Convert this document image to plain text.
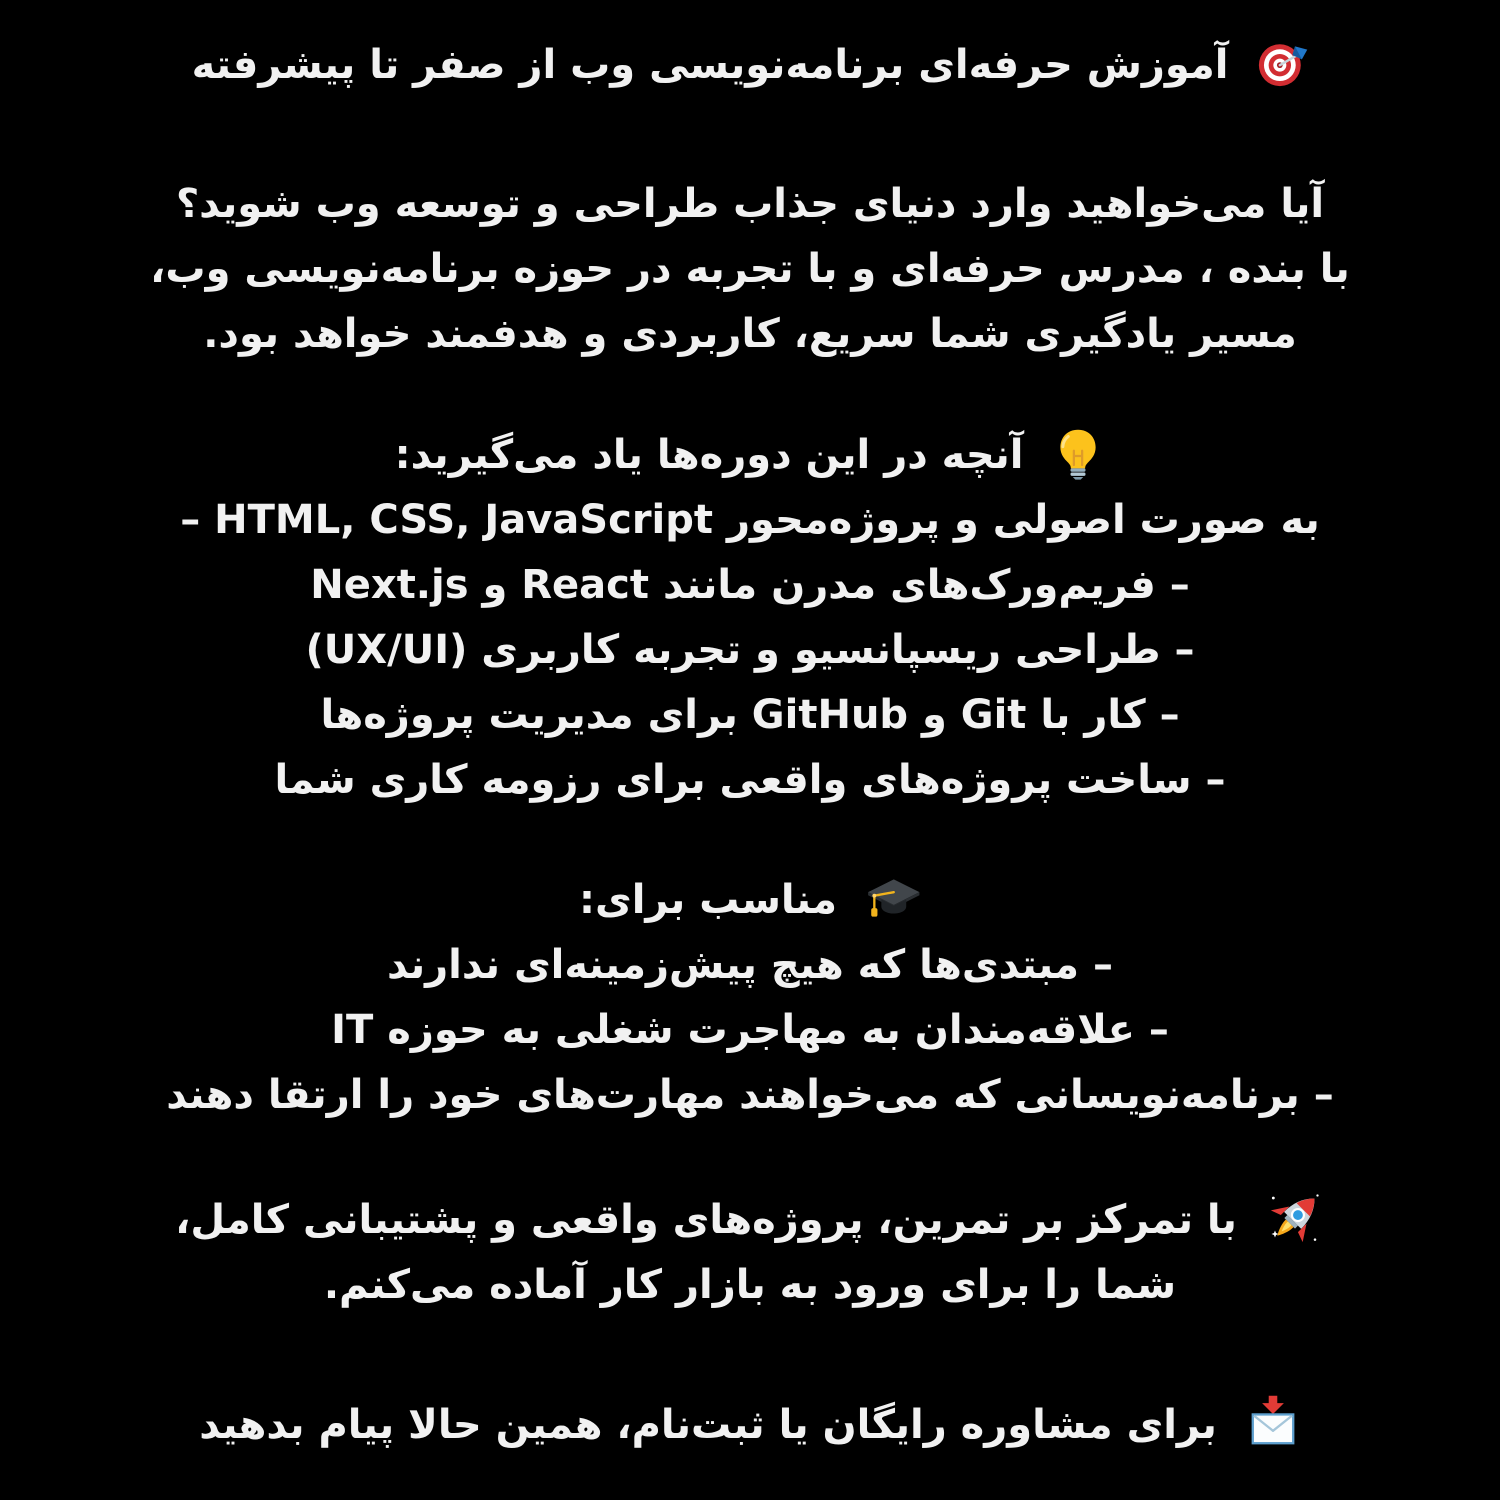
آموزش حرفه‌ای برنامه‌نویسی وب از صفر تا پیشرفته
آیا می‌خواهید وارد دنیای جذاب طراحی و توسعه وب شوید؟
با بنده ، مدرس حرفه‌ای و با تجربه در حوزه برنامه‌نویسی وب،
مسیر یادگیری شما سریع، کاربردی و هدفمند خواهد بود.
آنچه در این دوره‌ها یاد می‌گیرید:
– HTML, CSS, JavaScript به صورت اصولی و پروژه‌محور
– فریم‌ورک‌های مدرن مانند React و Next.js
– طراحی ریسپانسیو و تجربه کاربری (UX/UI)
– کار با Git و GitHub برای مدیریت پروژه‌ها
– ساخت پروژه‌های واقعی برای رزومه کاری شما
مناسب برای:
– مبتدی‌ها که هیچ پیش‌زمینه‌ای ندارند
– علاقه‌مندان به مهاجرت شغلی به حوزه IT
– برنامه‌نویسانی که می‌خواهند مهارت‌های خود را ارتقا دهند
با تمرکز بر تمرین، پروژه‌های واقعی و پشتیبانی کامل،
شما را برای ورود به بازار کار آماده می‌کنم.
برای مشاوره رایگان یا ثبت‌نام، همین حالا پیام بدهید
